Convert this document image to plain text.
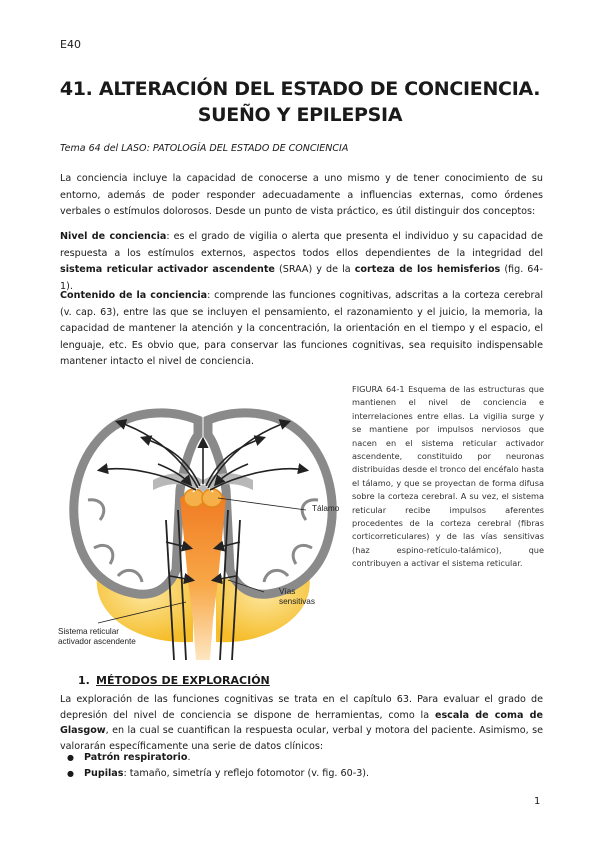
E40
41. ALTERACIÓN DEL ESTADO DE CONCIENCIA.
SUEÑO Y EPILEPSIA
Tema 64 del LASO: PATOLOGÍA DEL ESTADO DE CONCIENCIA

La conciencia incluye la capacidad de conocerse a uno mismo y de tener conocimiento de su entorno, además de poder responder adecuadamente a influencias externas, como órdenes verbales o estímulos dolorosos. Desde un punto de vista práctico, es útil distinguir dos conceptos:

Nivel de conciencia: es el grado de vigilia o alerta que presenta el individuo y su capacidad de respuesta a los estímulos externos, aspectos todos ellos dependientes de la integridad del sistema reticular activador ascendente (SRAA) y de la corteza de los hemisferios (fig. 64-1).

Contenido de la conciencia: comprende las funciones cognitivas, adscritas a la corteza cerebral (v. cap. 63), entre las que se incluyen el pensamiento, el razonamiento y el juicio, la memoria, la capacidad de mantener la atención y la concentración, la orientación en el tiempo y el espacio, el lenguaje, etc. Es obvio que, para conservar las funciones cognitivas, sea requisito indispensable mantener intacto el nivel de conciencia.

Tálamo
Vías
sensitivas
Sistema reticular
activador ascendente
FIGURA 64-1 Esquema de las estructuras que mantienen el nivel de conciencia e interrelaciones entre ellas. La vigilia surge y se mantiene por impulsos nerviosos que nacen en el sistema reticular activador ascendente, constituido por neuronas distribuidas desde el tronco del encéfalo hasta el tálamo, y que se proyectan de forma difusa sobre la corteza cerebral. A su vez, el sistema reticular recibe impulsos aferentes procedentes de la corteza cerebral (fibras corticorreticulares) y de las vías sensitivas (haz espino-retículo-talámico), que contribuyen a activar el sistema reticular.
1. MÉTODOS DE EXPLORACIÓN

La exploración de las funciones cognitivas se trata en el capítulo 63. Para evaluar el grado de depresión del nivel de conciencia se dispone de herramientas, como la escala de coma de Glasgow, en la cual se cuantifican la respuesta ocular, verbal y motora del paciente. Asimismo, se valorarán específicamente una serie de datos clínicos:

● Patrón respiratorio.
● Pupilas: tamaño, simetría y reflejo fotomotor (v. fig. 60-3).
1
